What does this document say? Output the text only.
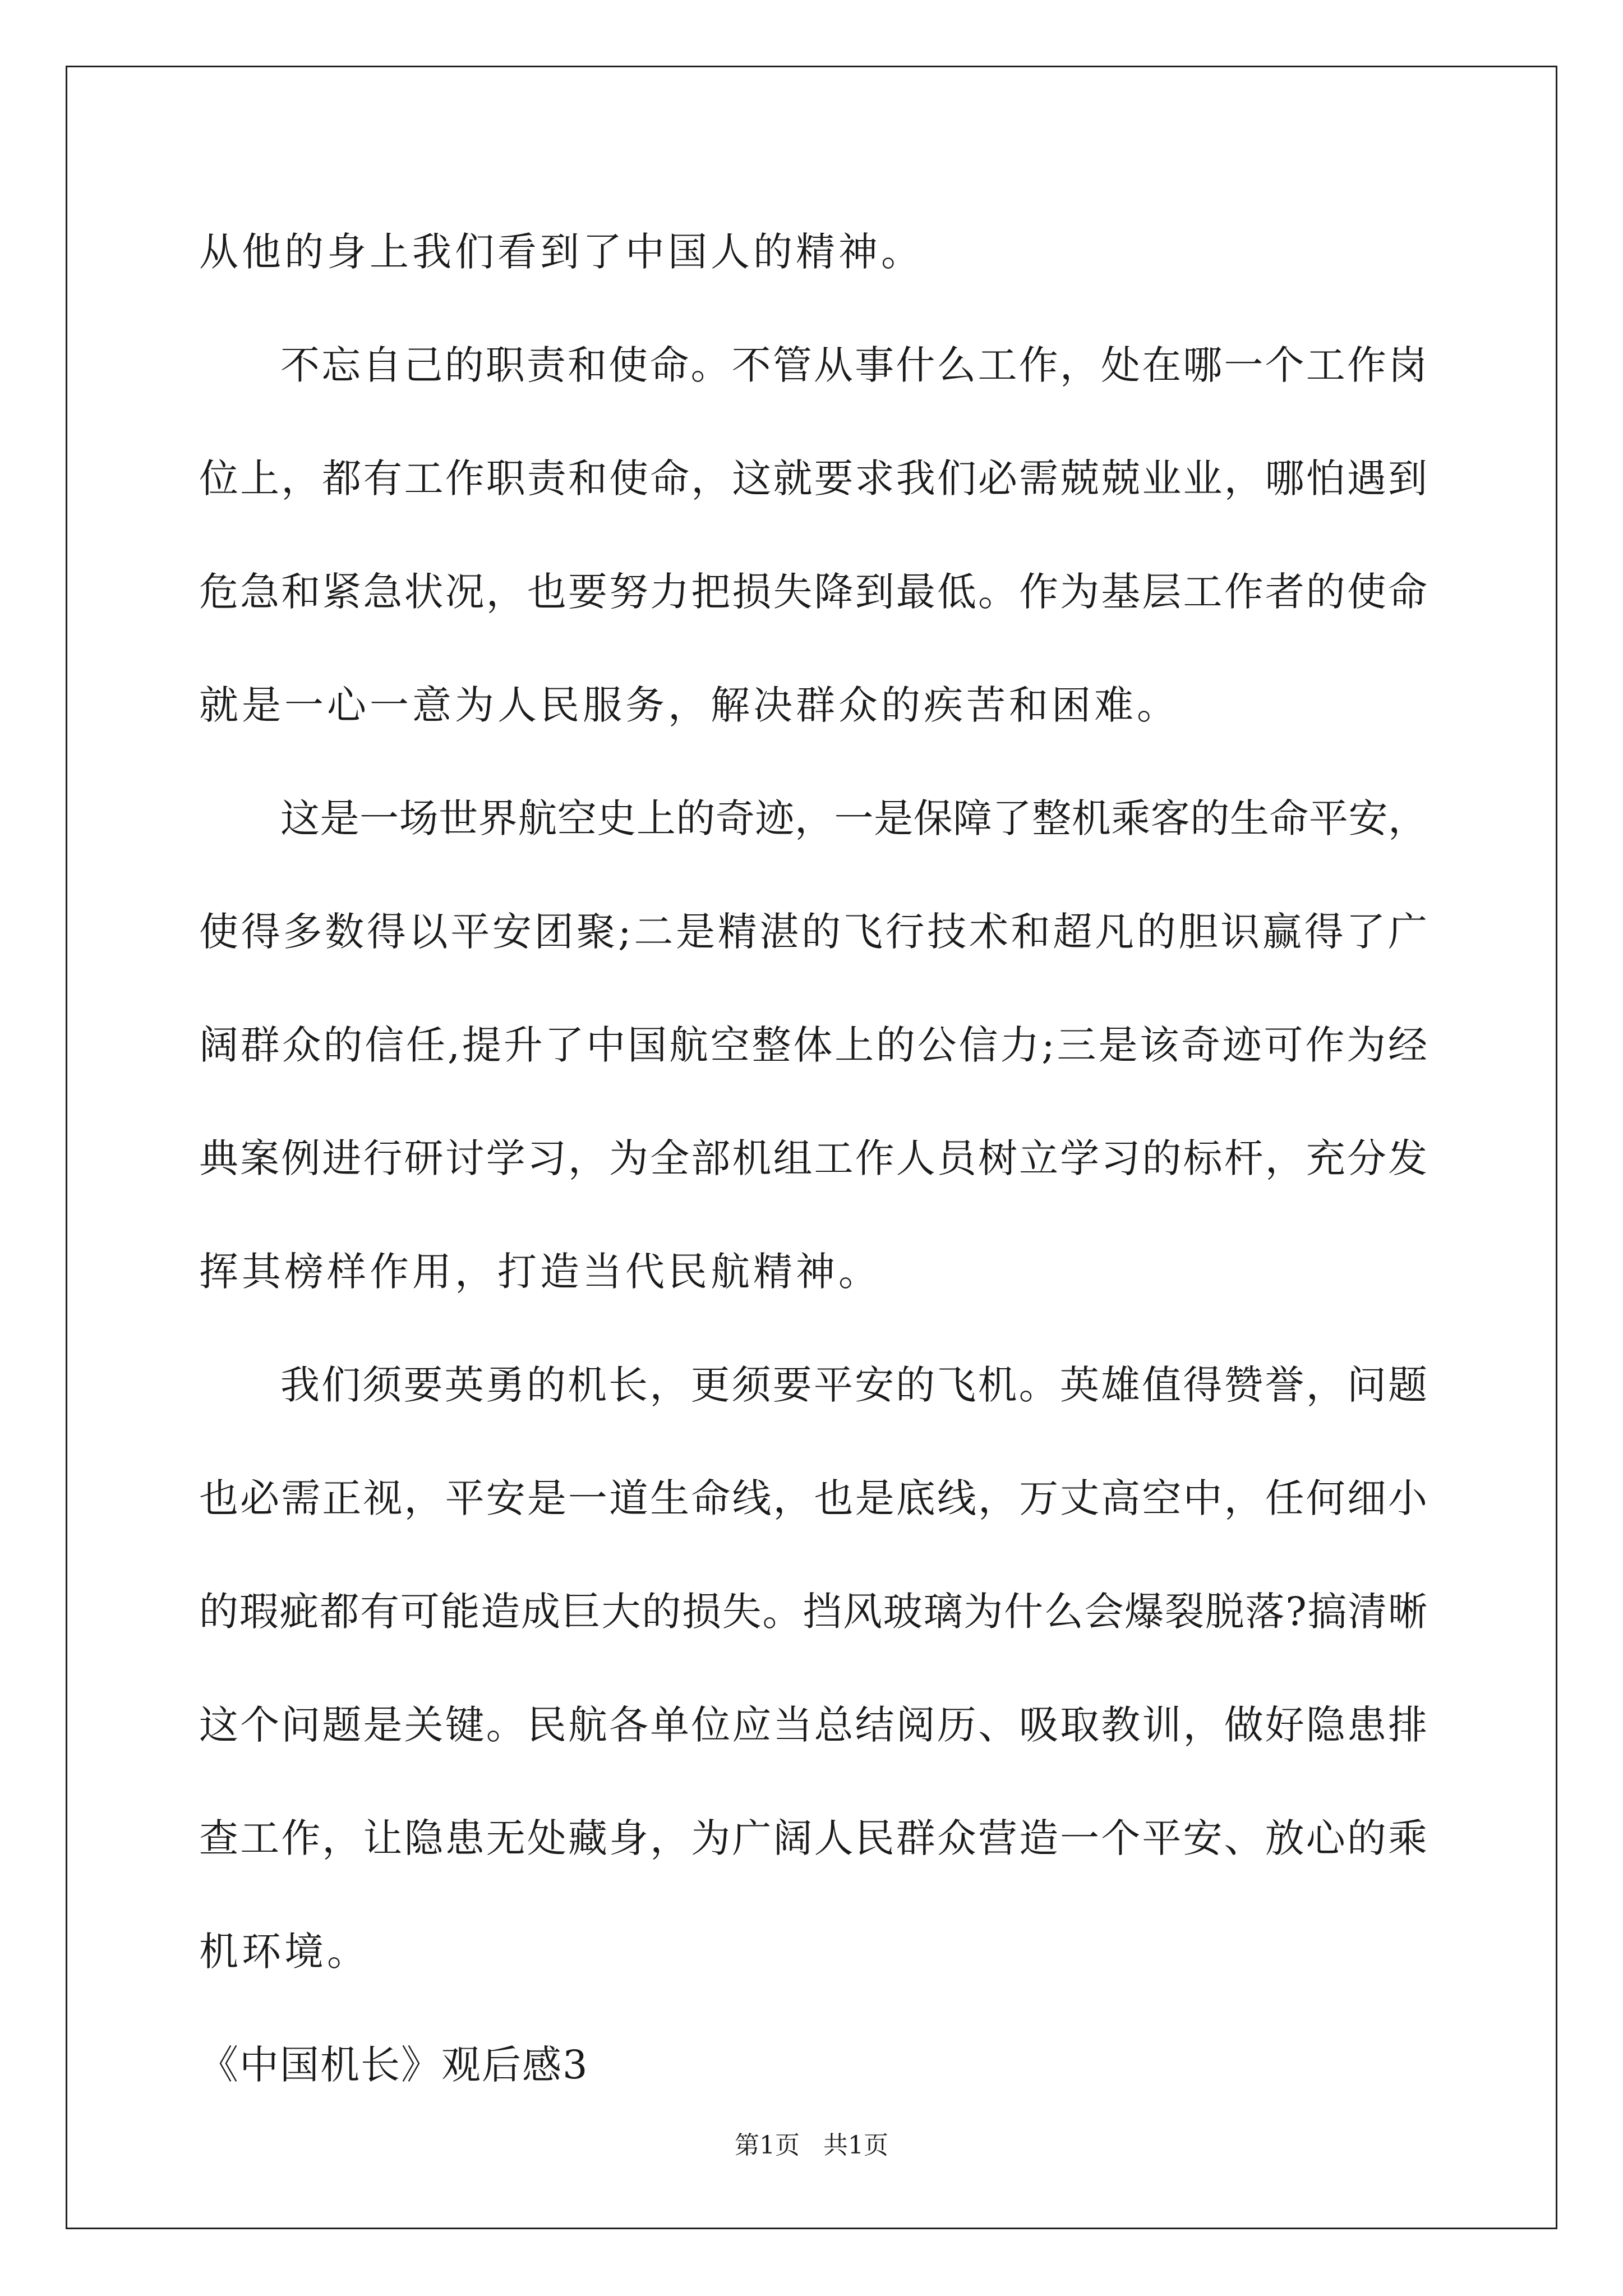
从他的身上我们看到了中国人的精神。
不忘自己的职责和使命。不管从事什么工作，处在哪一个工作岗
位上，都有工作职责和使命，这就要求我们必需兢兢业业，哪怕遇到
危急和紧急状况，也要努力把损失降到最低。作为基层工作者的使命
就是一心一意为人民服务，解决群众的疾苦和困难。
这是一场世界航空史上的奇迹，一是保障了整机乘客的生命平安，
使得多数得以平安团聚;二是精湛的飞行技术和超凡的胆识赢得了广
阔群众的信任,提升了中国航空整体上的公信力;三是该奇迹可作为经
典案例进行研讨学习，为全部机组工作人员树立学习的标杆，充分发
挥其榜样作用，打造当代民航精神。
我们须要英勇的机长，更须要平安的飞机。英雄值得赞誉，问题
也必需正视，平安是一道生命线，也是底线，万丈高空中，任何细小
的瑕疵都有可能造成巨大的损失。挡风玻璃为什么会爆裂脱落?搞清晰
这个问题是关键。民航各单位应当总结阅历、吸取教训，做好隐患排
查工作，让隐患无处藏身，为广阔人民群众营造一个平安、放心的乘
机环境。
《中国机长》观后感3
第1页   共1页
